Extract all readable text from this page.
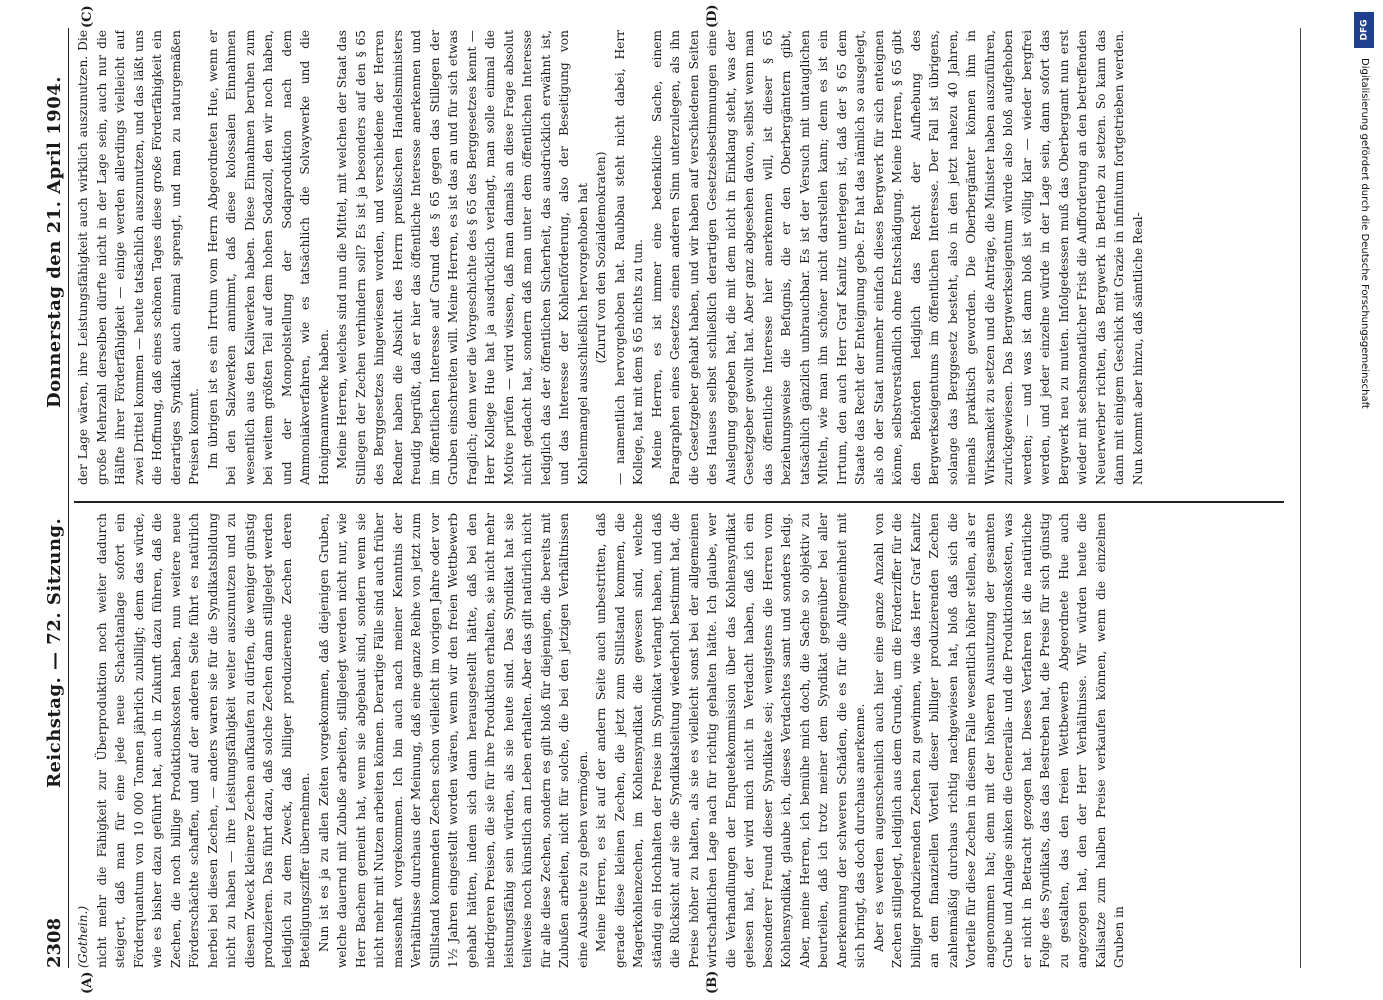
2308
Reichstag. — 72. Sitzung.
Donnerstag den 21. April 1904.
(A)	(B)
(C)	(D)

(Gothein.) nicht mehr die Fähigkeit zur Überproduktion noch weiter dadurch steigert, daß man für eine jede neue Schachtanlage sofort ein Förderquantum von 10 000 Tonnen jährlich zubilligt; denn das würde, wie es bisher dazu geführt hat, auch in Zukunft dazu führen, daß die Zechen, die noch billige Produktionskosten haben, nun weitere neue Förderschächte schaffen, und auf der anderen Seite führt es natürlich herbei bei diesen Zechen, — anders waren sie für die Syndikatsbildung nicht zu haben — ihre Leistungsfähigkeit weiter auszunutzen und zu diesem Zweck kleinere Zechen aufkaufen zu dürfen, die weniger günstig produzieren. Das führt dazu, daß solche Zechen dann stillgelegt werden lediglich zu dem Zweck, daß billiger produzierende Zechen deren Beteiligungsziffer übernehmen. Nun ist es ja zu allen Zeiten vorgekommen, daß diejenigen Gruben, welche dauernd mit Zubuße arbeiten, stillgelegt werden nicht nur, wie Herr Bachem gemeint hat, wenn sie abgebaut sind, sondern wenn sie nicht mehr mit Nutzen arbeiten können. Derartige Fälle sind auch früher massenhaft vorgekommen. Ich bin auch nach meiner Kenntnis der Verhältnisse durchaus der Meinung, daß eine ganze Reihe von jetzt zum Stillstand kommenden Zechen schon vielleicht im vorigen Jahre oder vor 1½ Jahren eingestellt worden wären, wenn wir den freien Wettbewerb gehabt hätten, indem sich dann herausgestellt hätte, daß bei den niedrigeren Preisen, die sie für ihre Produktion erhalten, sie nicht mehr leistungsfähig sein würden, als sie heute sind. Das Syndikat hat sie teilweise noch künstlich am Leben erhalten. Aber das gilt natürlich nicht für alle diese Zechen, sondern es gilt bloß für diejenigen, die bereits mit Zubußen arbeiten, nicht für solche, die bei den jetzigen Verhältnissen eine Ausbeute zu geben vermögen. Meine Herren, es ist auf der andern Seite auch unbestritten, daß gerade diese kleinen Zechen, die jetzt zum Stillstand kommen, die Magerkohlenzechen, im Kohlensyndikat die gewesen sind, welche ständig ein Hochhalten der Preise im Syndikat verlangt haben, und daß die Rücksicht auf sie die Syndikatsleitung wiederholt bestimmt hat, die Preise höher zu halten, als sie es vielleicht sonst bei der allgemeinen wirtschaftlichen Lage nach für richtig gehalten hätte. Ich glaube, wer die Verhandlungen der Enquetekommission über das Kohlensyndikat gelesen hat, der wird mich nicht in Verdacht haben, daß ich ein besonderer Freund dieser Syndikate sei; wenigstens die Herren vom Kohlensyndikat, glaube ich, dieses Verdachtes samt und sonders ledig. Aber, meine Herren, ich bemühe mich doch, die Sache so objektiv zu beurteilen, daß ich trotz meiner dem Syndikat gegenüber bei aller Anerkennung der schweren Schäden, die es für die Allgemeinheit mit sich bringt, das doch durchaus anerkenne. Aber es werden augenscheinlich auch hier eine ganze Anzahl von Zechen stillgelegt, lediglich aus dem Grunde, um die Förderziffer für die billiger produzierenden Zechen zu gewinnen, wie das Herr Graf Kanitz an dem finanziellen Vorteil dieser billiger produzierenden Zechen zahlenmäßig durchaus richtig nachgewiesen hat, bloß daß sich die Vorteile für diese Zechen in diesem Falle wesentlich höher stellen, als er angenommen hat; denn mit der höheren Ausnutzung der gesamten Grube und Anlage sinken die Generalia- und die Produktionskosten, was er nicht in Betracht gezogen hat. Dieses Verfahren ist die natürliche Folge des Syndikats, das das Bestreben hat, die Preise für sich günstig zu gestalten, das den freien Wettbewerb Abgeordnete Hue auch angezogen hat, den der Herr Verhältnisse. Wir würden heute die Kalisatze zum halben Preise verkaufen können, wenn die einzelnen Gruben in

der Lage wären, ihre Leistungsfähigkeit auch wirklich auszunutzen. Die große Mehrzahl derselben dürfte nicht in der Lage sein, auch nur die Hälfte ihrer Förderfähigkeit — einige werden allerdings vielleicht auf zwei Drittel kommen — heute tatsächlich auszunutzen, und das läßt uns die Hoffnung, daß eines schönen Tages diese große Förderfähigkeit ein derartiges Syndikat auch einmal sprengt, und man zu naturgemäßen Preisen kommt. Im übrigen ist es ein Irrtum vom Herrn Abgeordneten Hue, wenn er bei den Salzwerken annimmt, daß diese kolossalen Einnahmen wesentlich aus den Kaliwerken haben. Diese Einnahmen beruhen zum bei weitem größten Teil auf dem hohen Sodazoll, den wir noch haben, und der Monopolstellung der Sodaproduktion nach dem Ammoniakverfahren, wie es tatsächlich die Solvaywerke und die Honigmannwerke haben. Meine Herren, welches sind nun die Mittel, mit welchen der Staat das Stillegen der Zechen verhindern soll? Es ist ja besonders auf den § 65 des Berggesetzes hingewiesen worden, und verschiedene der Herren Redner haben die Absicht des Herrn preußischen Handelsministers freudig begrüßt, daß er hier das öffentliche Interesse anerkennen und im öffentlichen Interesse auf Grund des § 65 gegen das Stillegen der Gruben einschreiten will. Meine Herren, es ist das an und für sich etwas fraglich; denn wer die Vorgeschichte des § 65 des Berggesetzes kennt — Herr Kollege Hue hat ja ausdrücklich verlangt, man solle einmal die Motive prüfen — wird wissen, daß man damals an diese Frage absolut nicht gedacht hat, sondern daß man unter dem öffentlichen Interesse lediglich das der öffentlichen Sicherheit, das ausdrücklich erwähnt ist, und das Interesse der Kohlenförderung, also der Beseitigung von Kohlenmangel ausschließlich hervorgehoben hat (Zuruf von den Sozialdemokraten) — namentlich hervorgehoben hat. Raubbau steht nicht dabei, Herr Kollege, hat mit dem § 65 nichts zu tun. Meine Herren, es ist immer eine bedenkliche Sache, einem Paragraphen eines Gesetzes einen anderen Sinn unterzulegen, als ihn die Gesetzgeber gehabt haben, und wir haben auf verschiedenen Seiten des Hauses selbst schließlich derartigen Gesetzesbestimmungen eine Auslegung gegeben hat, die mit dem nicht in Einklang steht, was der Gesetzgeber gewollt hat. Aber ganz abgesehen davon, selbst wenn man das öffentliche Interesse hier anerkennen will, ist dieser § 65 beziehungsweise die Befugnis, die er den Oberbergämtern gibt, tatsächlich gänzlich unbrauchbar. Es ist der Versuch mit untauglichen Mitteln, wie man ihn schöner nicht darstellen kann; denn es ist ein Irrtum, den auch Herr Graf Kanitz unterlegen ist, daß der § 65 dem Staate das Recht der Enteignung gebe. Er hat das nämlich so ausgelegt, als ob der Staat nunmehr einfach dieses Bergwerk für sich enteignen könne, selbstverständlich ohne Entschädigung. Meine Herren, § 65 gibt den Behörden lediglich das Recht der Aufhebung des Bergwerkseigentums im öffentlichen Interesse. Der Fall ist übrigens, solange das Berggesetz besteht, also in den jetzt nahezu 40 Jahren, niemals praktisch geworden. Die Oberbergämter können ihm in Wirksamkeit zu setzen und die Anträge, die Minister haben auszuführen, zurückgewiesen. Das Bergwerkseigentum würde also bloß aufgehoben werden; — und was ist dann bloß ist völlig klar — wieder bergfrei werden, und jeder einzelne würde in der Lage sein, dann sofort das Bergwerk neu zu muten. Infolgedessen muß das Oberbergamt nun erst wieder mit sechsmonatlicher Frist die Aufforderung an den betreffenden Neuerwerber richten, das Bergwerk in Betrieb zu setzen. So kann das dann mit einigem Geschick mit Grazie in infinitum fortgetrieben werden. Nun kommt aber hinzu, daß sämtliche Real-

DFG
Digitalisierung gefördert durch die Deutsche Forschungsgemeinschaft
